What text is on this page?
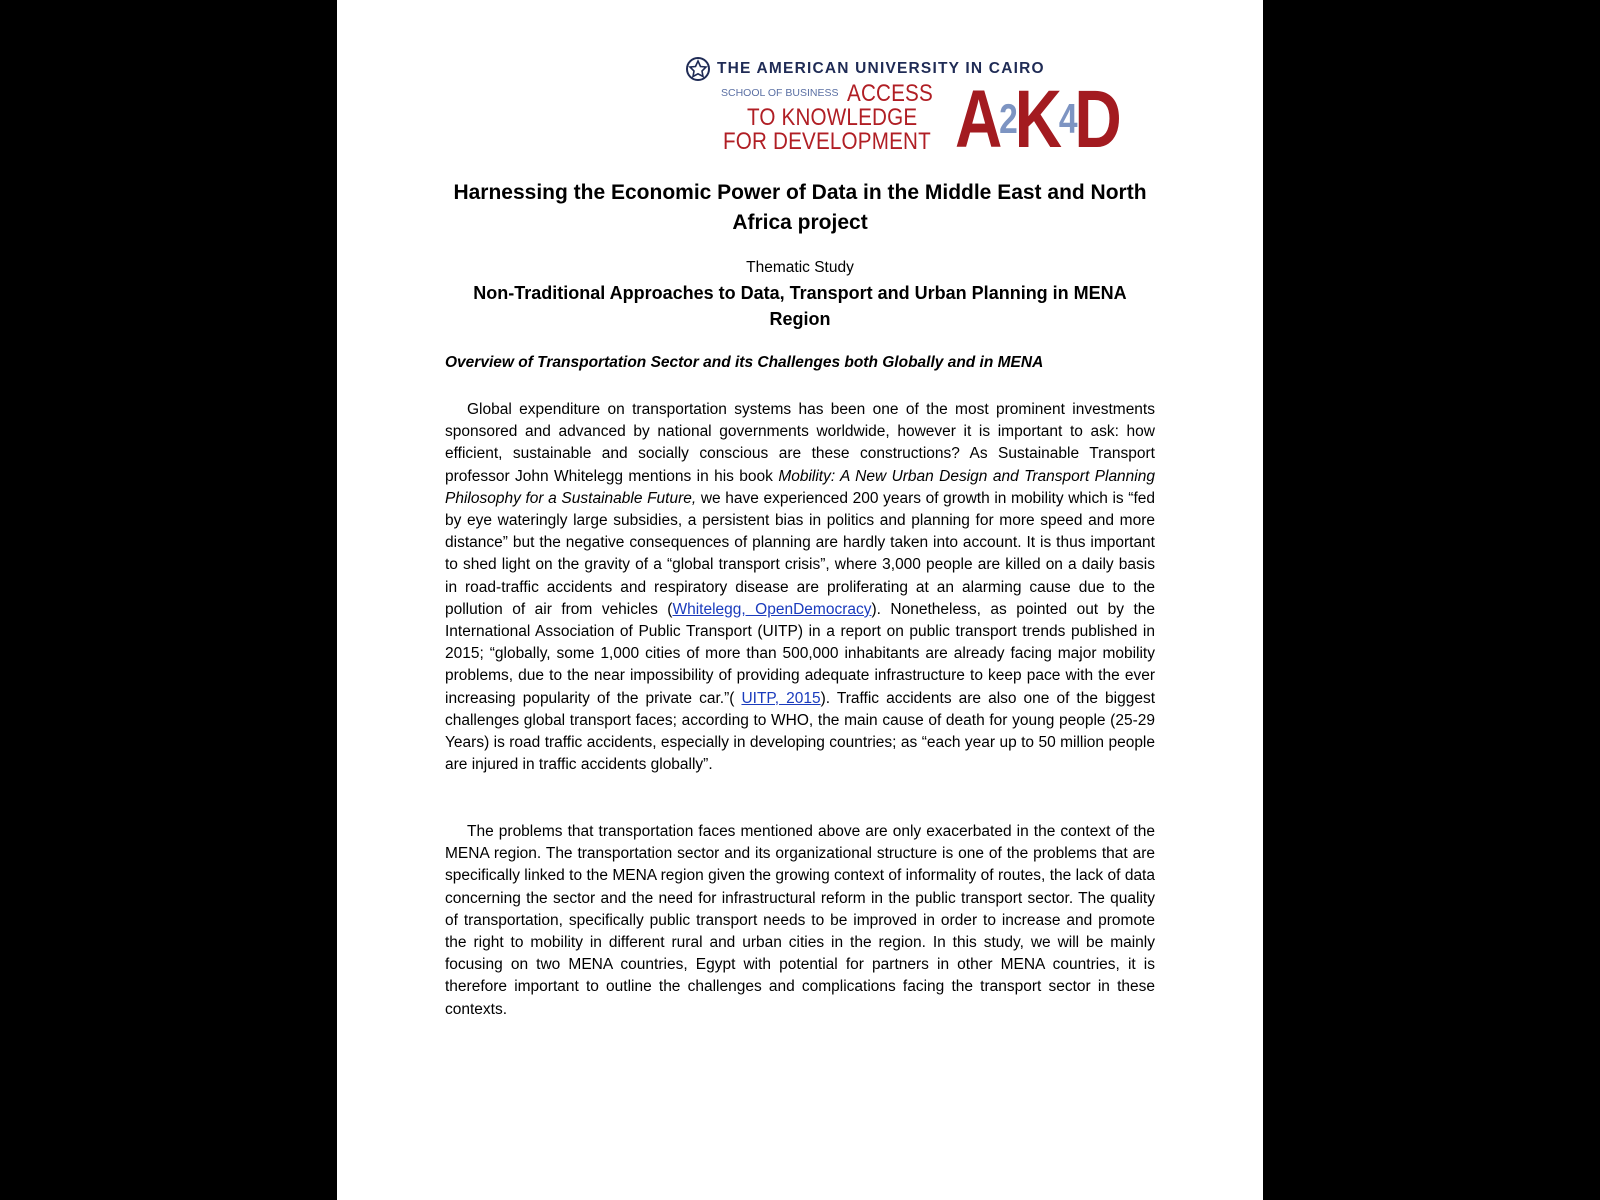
THE AMERICAN UNIVERSITY IN CAIRO
SCHOOL OF BUSINESS ACCESS
TO KNOWLEDGE
FOR DEVELOPMENT A
2
K
4
D
Harnessing the Economic Power of Data in the Middle East and North Africa project
Thematic Study
Non-Traditional Approaches to Data, Transport and Urban Planning in MENA Region
Overview of Transportation Sector and its Challenges both Globally and in MENA

Global expenditure on transportation systems has been one of the most prominent investments sponsored and advanced by national governments worldwide, however it is important to ask: how efficient, sustainable and socially conscious are these constructions? As Sustainable Transport professor John Whitelegg mentions in his book Mobility: A New Urban Design and Transport Planning Philosophy for a Sustainable Future, we have experienced 200 years of growth in mobility which is “fed by eye wateringly large subsidies, a persistent bias in politics and planning for more speed and more distance” but the negative consequences of planning are hardly taken into account. It is thus important to shed light on the gravity of a “global transport crisis”, where 3,000 people are killed on a daily basis in road-traffic accidents and respiratory disease are proliferating at an alarming cause due to the pollution of air from vehicles (Whitelegg, OpenDemocracy). Nonetheless, as pointed out by the International Association of Public Transport (UITP) in a report on public transport trends published in 2015; “globally, some 1,000 cities of more than 500,000 inhabitants are already facing major mobility problems, due to the near impossibility of providing adequate infrastructure to keep pace with the ever increasing popularity of the private car.”( UITP, 2015). Traffic accidents are also one of the biggest challenges global transport faces; according to WHO, the main cause of death for young people (25-29 Years) is road traffic accidents, especially in developing countries; as “each year up to 50 million people are injured in traffic accidents globally”.

The problems that transportation faces mentioned above are only exacerbated in the context of the MENA region. The transportation sector and its organizational structure is one of the problems that are specifically linked to the MENA region given the growing context of informality of routes, the lack of data concerning the sector and the need for infrastructural reform in the public transport sector. The quality of transportation, specifically public transport needs to be improved in order to increase and promote the right to mobility in different rural and urban cities in the region. In this study, we will be mainly focusing on two MENA countries, Egypt with potential for partners in other MENA countries, it is therefore important to outline the challenges and complications facing the transport sector in these contexts.
